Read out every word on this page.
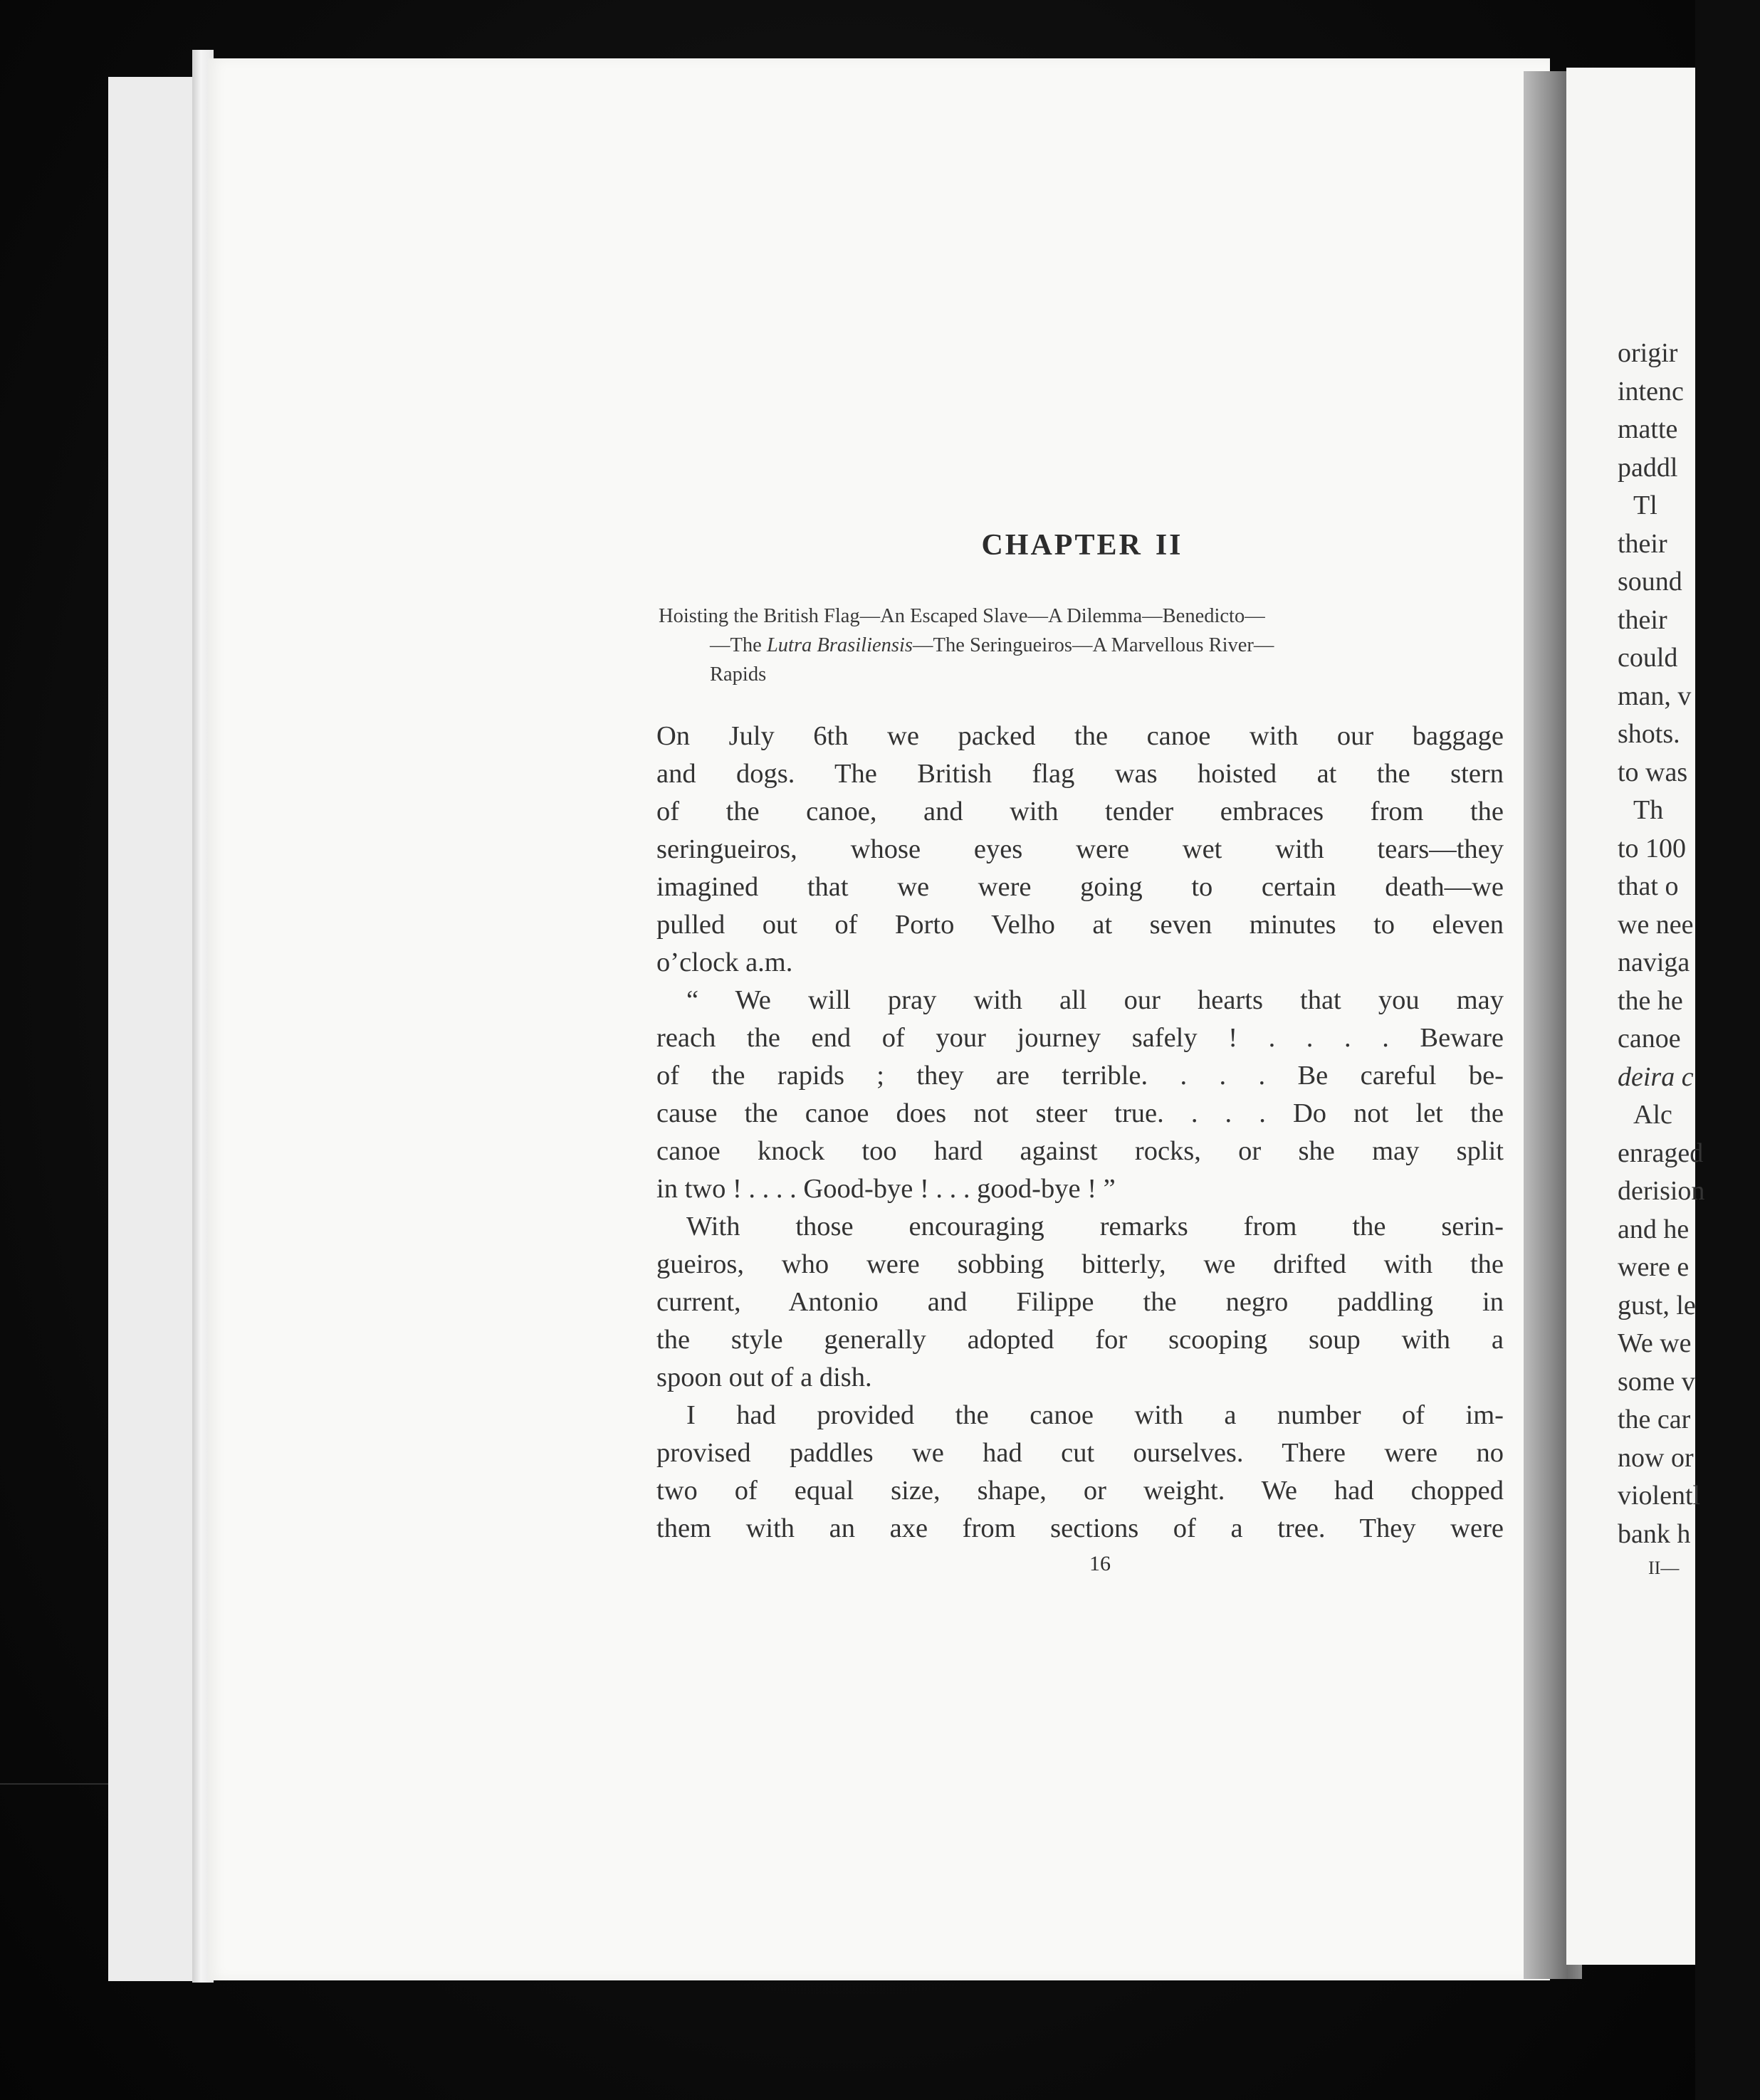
CHAPTER II
Hoisting the British Flag—An Escaped Slave—A Dilemma—Benedicto—
—The Lutra Brasiliensis—The Seringueiros—A Marvellous River—
Rapids
On July 6th we packed the canoe with our baggage
and dogs. The British flag was hoisted at the stern
of the canoe, and with tender embraces from the
seringueiros, whose eyes were wet with tears—they
imagined that we were going to certain death—we
pulled out of Porto Velho at seven minutes to eleven
o’clock a.m.
“ We will pray with all our hearts that you may
reach the end of your journey safely ! . . . . Beware
of the rapids ; they are terrible. . . . Be careful be-
cause the canoe does not steer true. . . . Do not let the
canoe knock too hard against rocks, or she may split
in two ! . . . . Good-bye ! . . . good-bye ! ”
With those encouraging remarks from the serin-
gueiros, who were sobbing bitterly, we drifted with the
current, Antonio and Filippe the negro paddling in
the style generally adopted for scooping soup with a
spoon out of a dish.
I had provided the canoe with a number of im-
provised paddles we had cut ourselves. There were no
two of equal size, shape, or weight. We had chopped
them with an axe from sections of a tree. They were
16
origir
intenc
matte
paddl
Tl
their
sound
their
could
man, v
shots.
to was
Th
to 100
that o
we nee
naviga
the he
canoe
deira c
Alc
enraged
derision
and he
were e
gust, le
We we
some v
the car
now or
violentl
bank h
II—
